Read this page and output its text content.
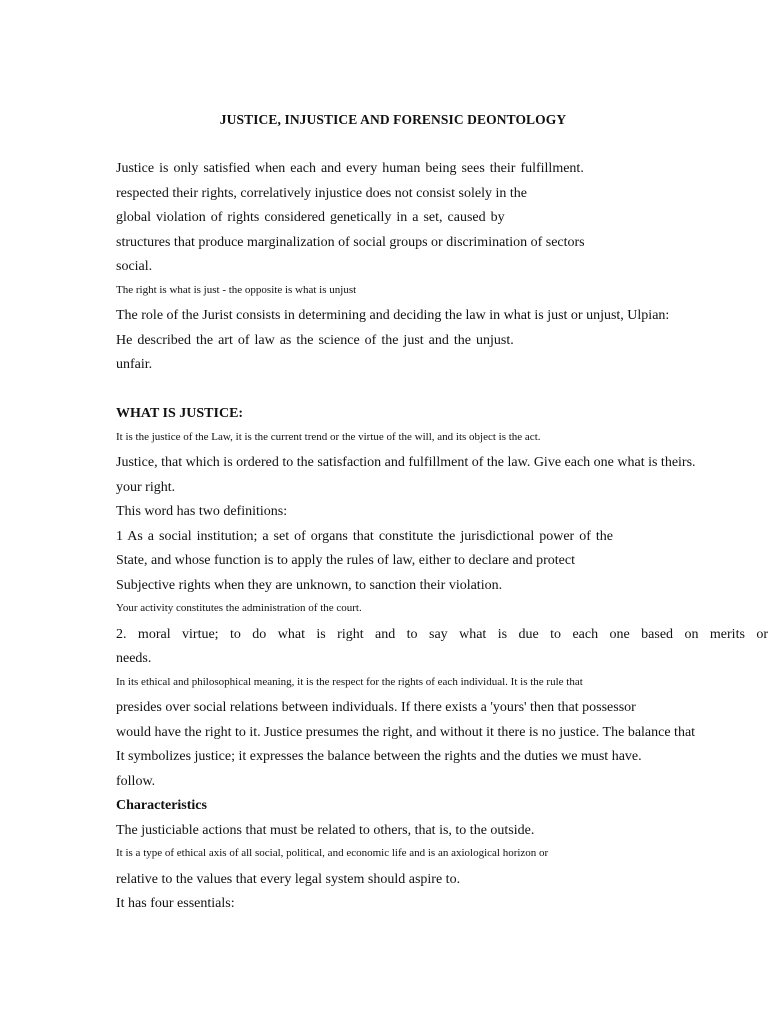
JUSTICE, INJUSTICE AND FORENSIC DEONTOLOGY
Justice is only satisfied when each and every human being sees their fulfillment.
respected their rights, correlatively injustice does not consist solely in the
global violation of rights considered genetically in a set, caused by
structures that produce marginalization of social groups or discrimination of sectors
social.
The right is what is just - the opposite is what is unjust
The role of the Jurist consists in determining and deciding the law in what is just or unjust, Ulpian:
He described the art of law as the science of the just and the unjust.
unfair.
WHAT IS JUSTICE:
It is the justice of the Law, it is the current trend or the virtue of the will, and its object is the act.
Justice, that which is ordered to the satisfaction and fulfillment of the law. Give each one what is theirs.
your right.
This word has two definitions:
1 As a social institution; a set of organs that constitute the jurisdictional power of the
State, and whose function is to apply the rules of law, either to declare and protect
Subjective rights when they are unknown, to sanction their violation.
Your activity constitutes the administration of the court.
2. moral virtue; to do what is right and to say what is due to each one based on merits or
needs.
In its ethical and philosophical meaning, it is the respect for the rights of each individual. It is the rule that
presides over social relations between individuals. If there exists a 'yours' then that possessor
would have the right to it. Justice presumes the right, and without it there is no justice. The balance that
It symbolizes justice; it expresses the balance between the rights and the duties we must have.
follow.
Characteristics
The justiciable actions that must be related to others, that is, to the outside.
It is a type of ethical axis of all social, political, and economic life and is an axiological horizon or
relative to the values that every legal system should aspire to.
It has four essentials:
